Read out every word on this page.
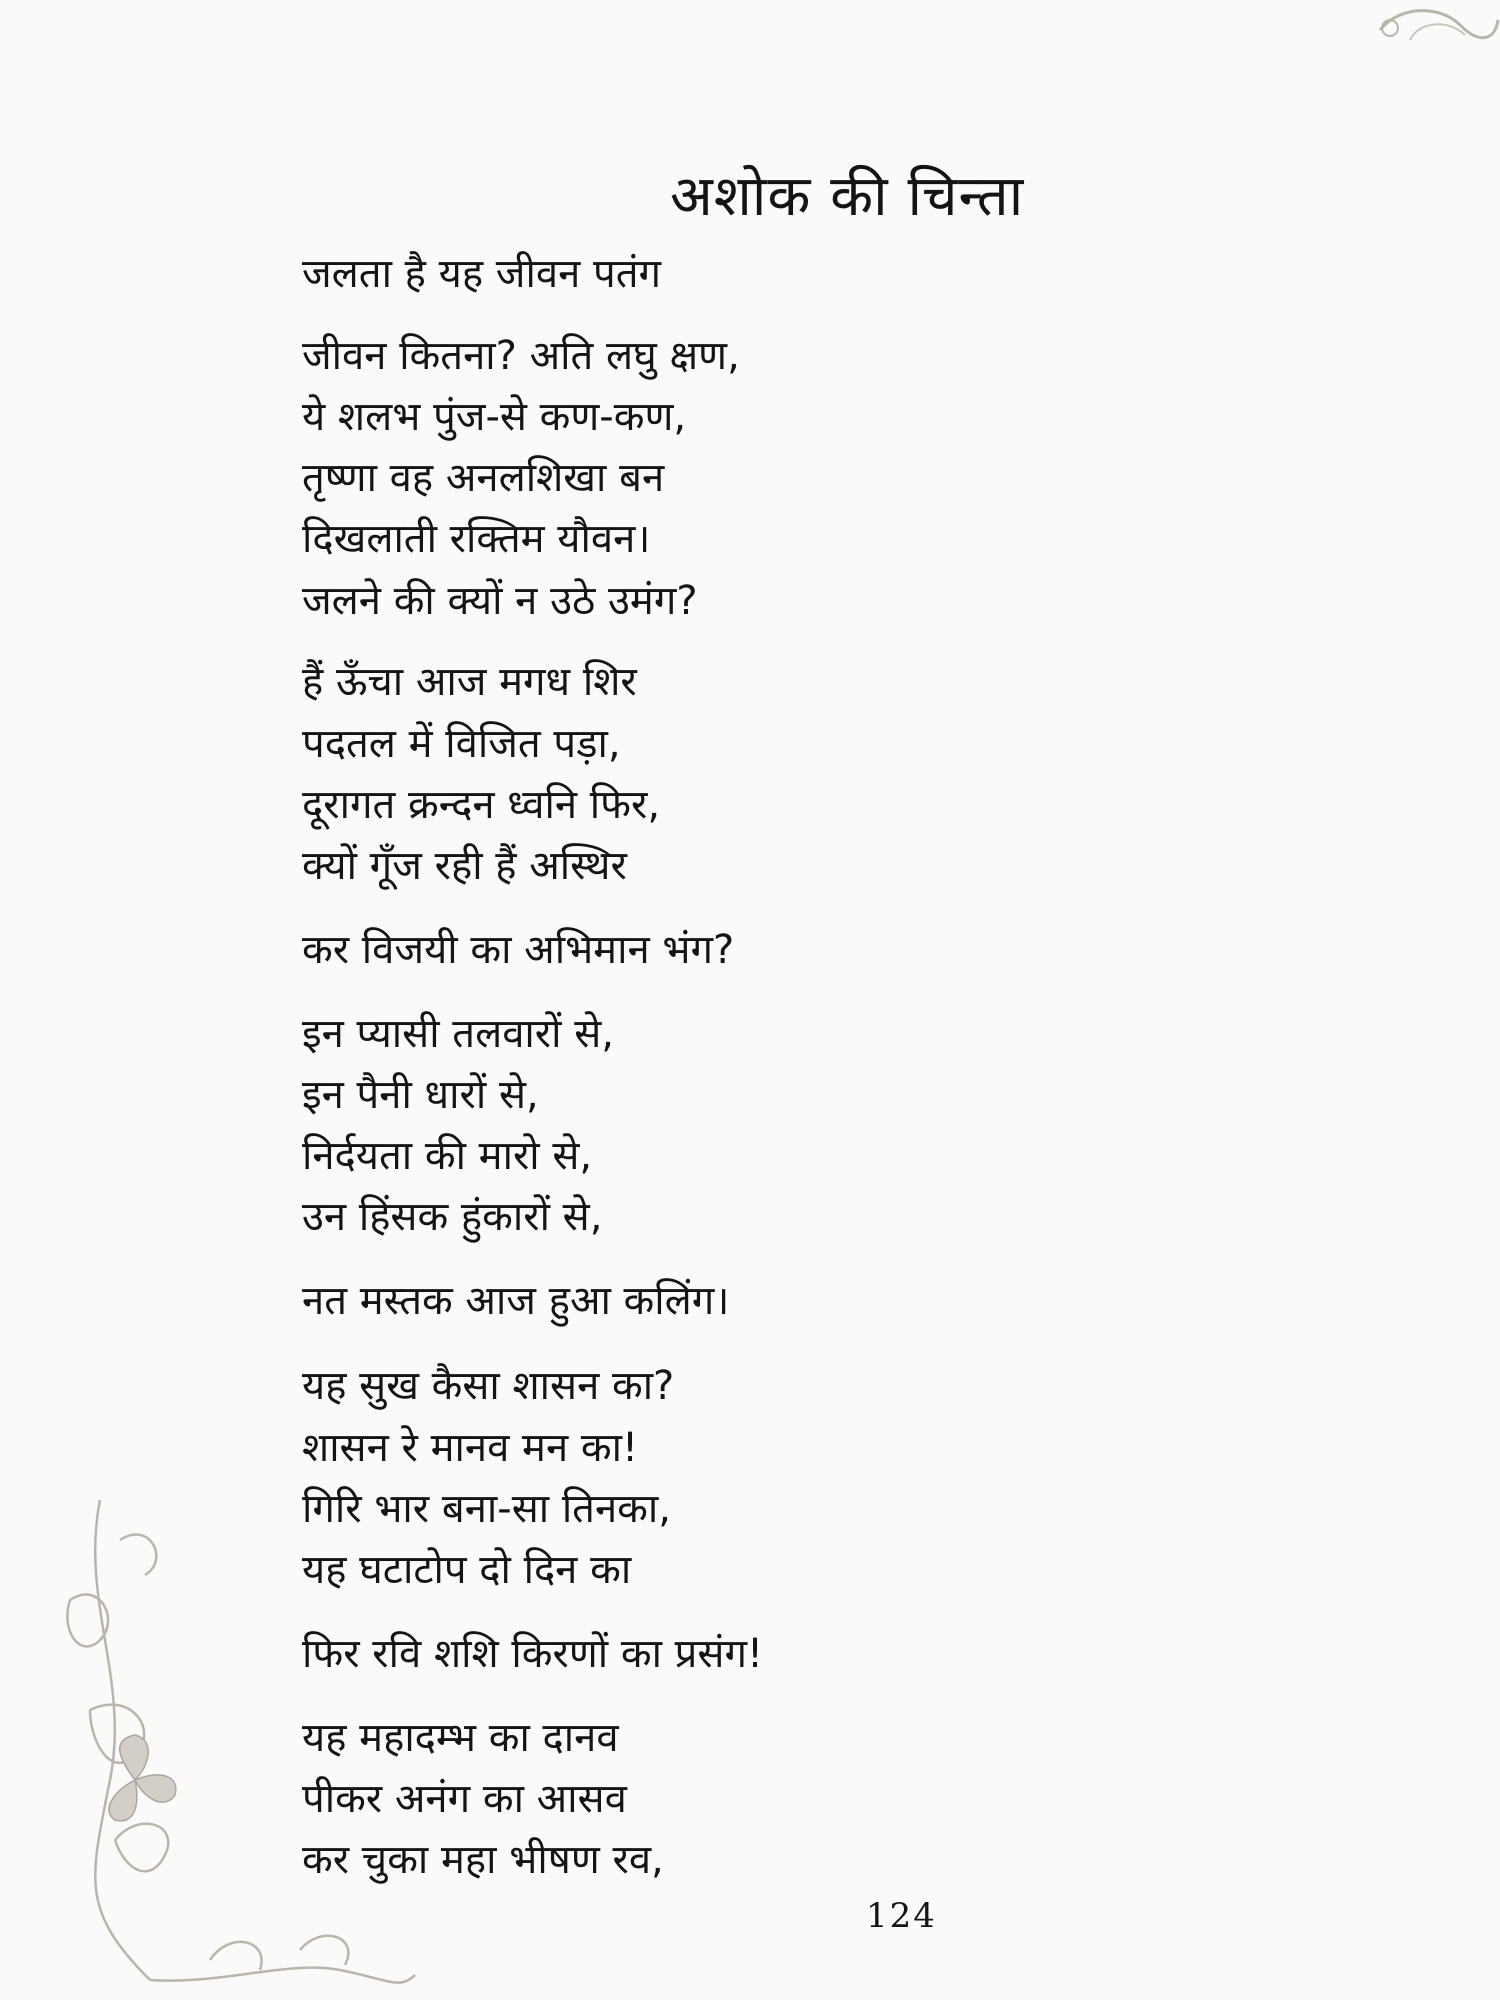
अशोक की चिन्ता
जलता है यह जीवन पतंग
जीवन कितना? अति लघु क्षण,
ये शलभ पुंज-से कण-कण,
तृष्णा वह अनलशिखा बन
दिखलाती रक्तिम यौवन।
जलने की क्यों न उठे उमंग?
हैं ऊँचा आज मगध शिर
पदतल में विजित पड़ा,
दूरागत क्रन्दन ध्वनि फिर,
क्यों गूँज रही हैं अस्थिर
कर विजयी का अभिमान भंग?
इन प्यासी तलवारों से,
इन पैनी धारों से,
निर्दयता की मारो से,
उन हिंसक हुंकारों से,
नत मस्तक आज हुआ कलिंग।
यह सुख कैसा शासन का?
शासन रे मानव मन का!
गिरि भार बना-सा तिनका,
यह घटाटोप दो दिन का
फिर रवि शशि किरणों का प्रसंग!
यह महादम्भ का दानव
पीकर अनंग का आसव
कर चुका महा भीषण रव,
124
